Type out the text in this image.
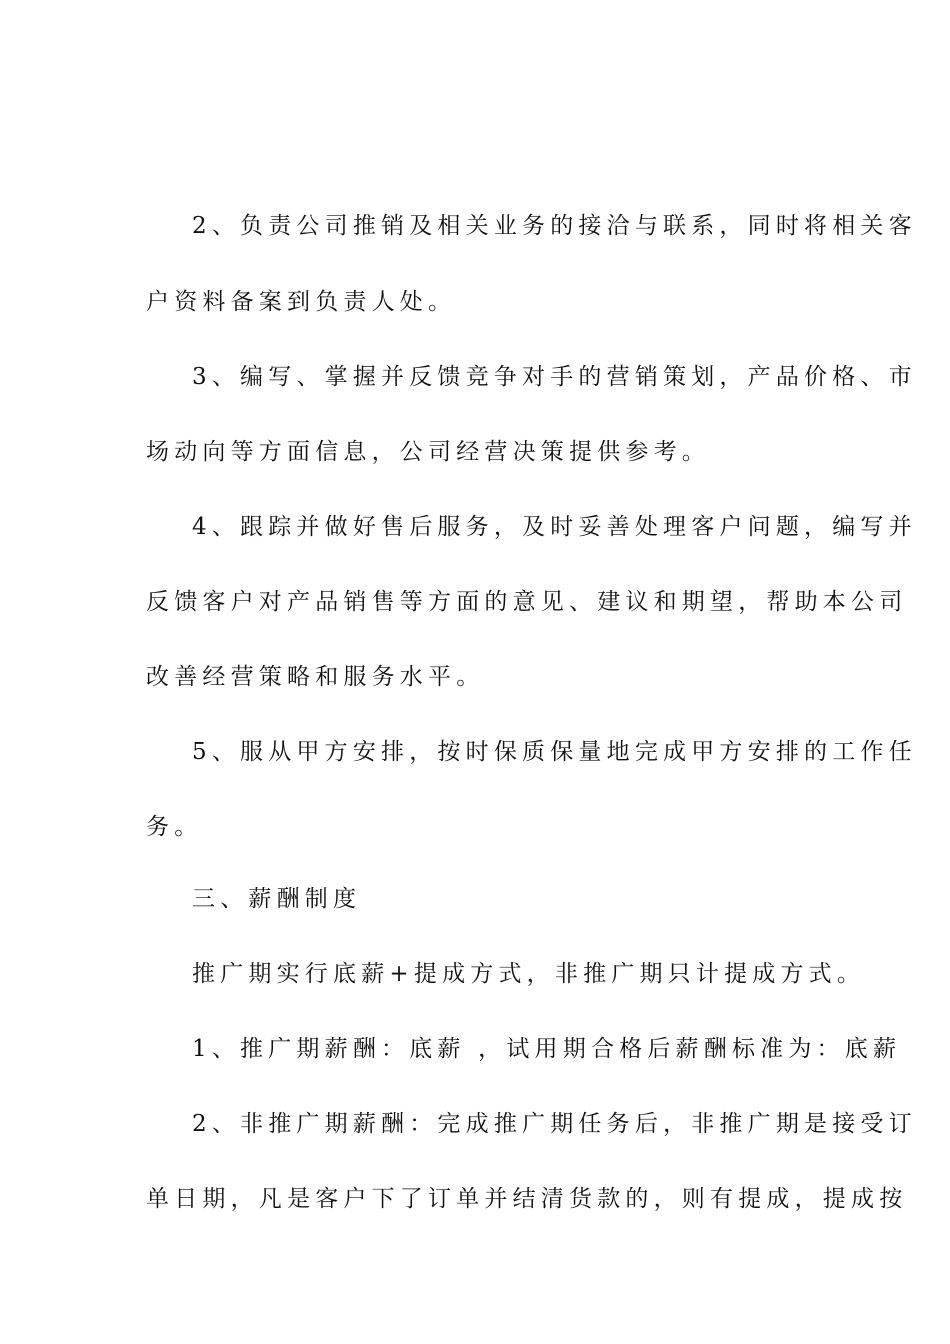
2、负责公司推销及相关业务的接洽与联系，同时将相关客
户资料备案到负责人处。
3、编写、掌握并反馈竞争对手的营销策划，产品价格、市
场动向等方面信息，公司经营决策提供参考。
4、跟踪并做好售后服务，及时妥善处理客户问题，编写并
反馈客户对产品销售等方面的意见、建议和期望，帮助本公司
改善经营策略和服务水平。
5、服从甲方安排，按时保质保量地完成甲方安排的工作任
务。
三、薪酬制度
推广期实行底薪+提成方式，非推广期只计提成方式。
1、推广期薪酬：底薪 ，试用期合格后薪酬标准为：底薪
2、非推广期薪酬：完成推广期任务后，非推广期是接受订
单日期，凡是客户下了订单并结清货款的，则有提成，提成按
